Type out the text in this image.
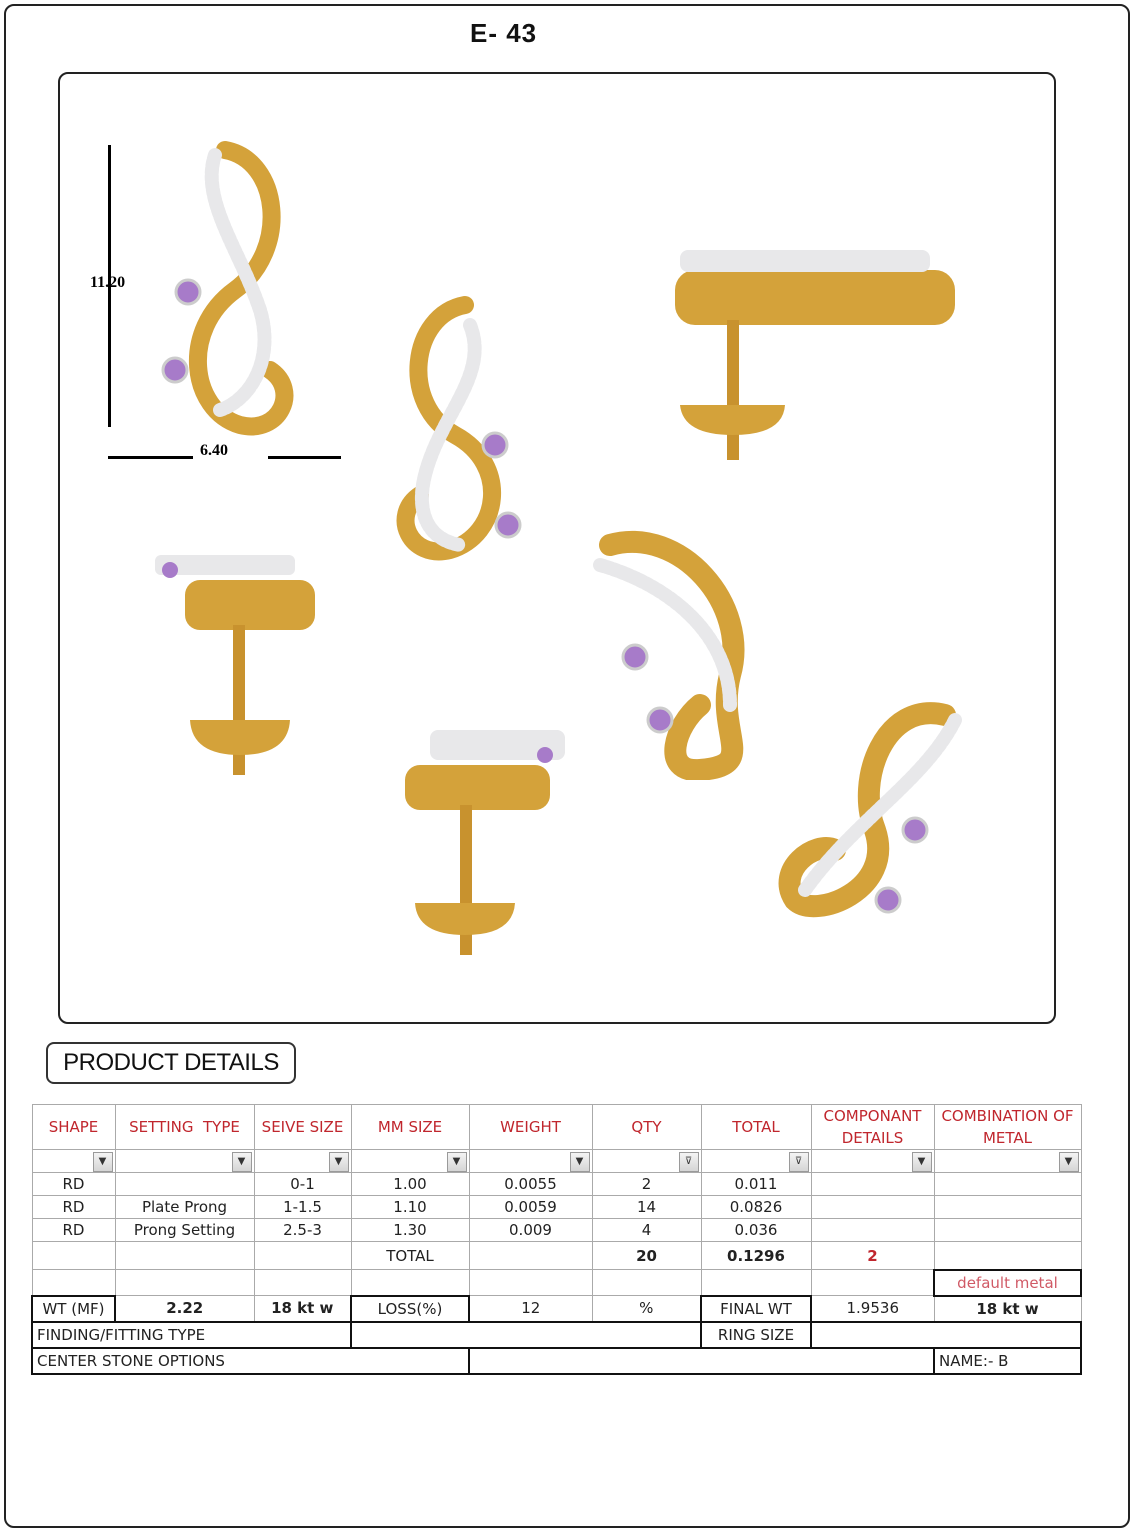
E- 43
11.20
6.40
PRODUCT DETAILS
SHAPE	SETTING  TYPE	SEIVE SIZE	MM SIZE	WEIGHT	QTY	TOTAL	COMPONANT DETAILS	COMBINATION OF METAL

▼	▼	▼	▼	▼	⊽	⊽	▼	▼

RD		0-1	1.00	0.0055	2	0.011		
RD	Plate Prong	1-1.5	1.10	0.0059	14	0.0826		
RD	Prong Setting	2.5-3	1.30	0.009	4	0.036		
			TOTAL		20	0.1296	2	
								default metal
WT (MF)	2.22	18 kt w	LOSS(%)	12	%	FINAL WT	1.9536	18 kt w
FINDING/FITTING TYPE						RING SIZE		
CENTER STONE OPTIONS								NAME:- B
